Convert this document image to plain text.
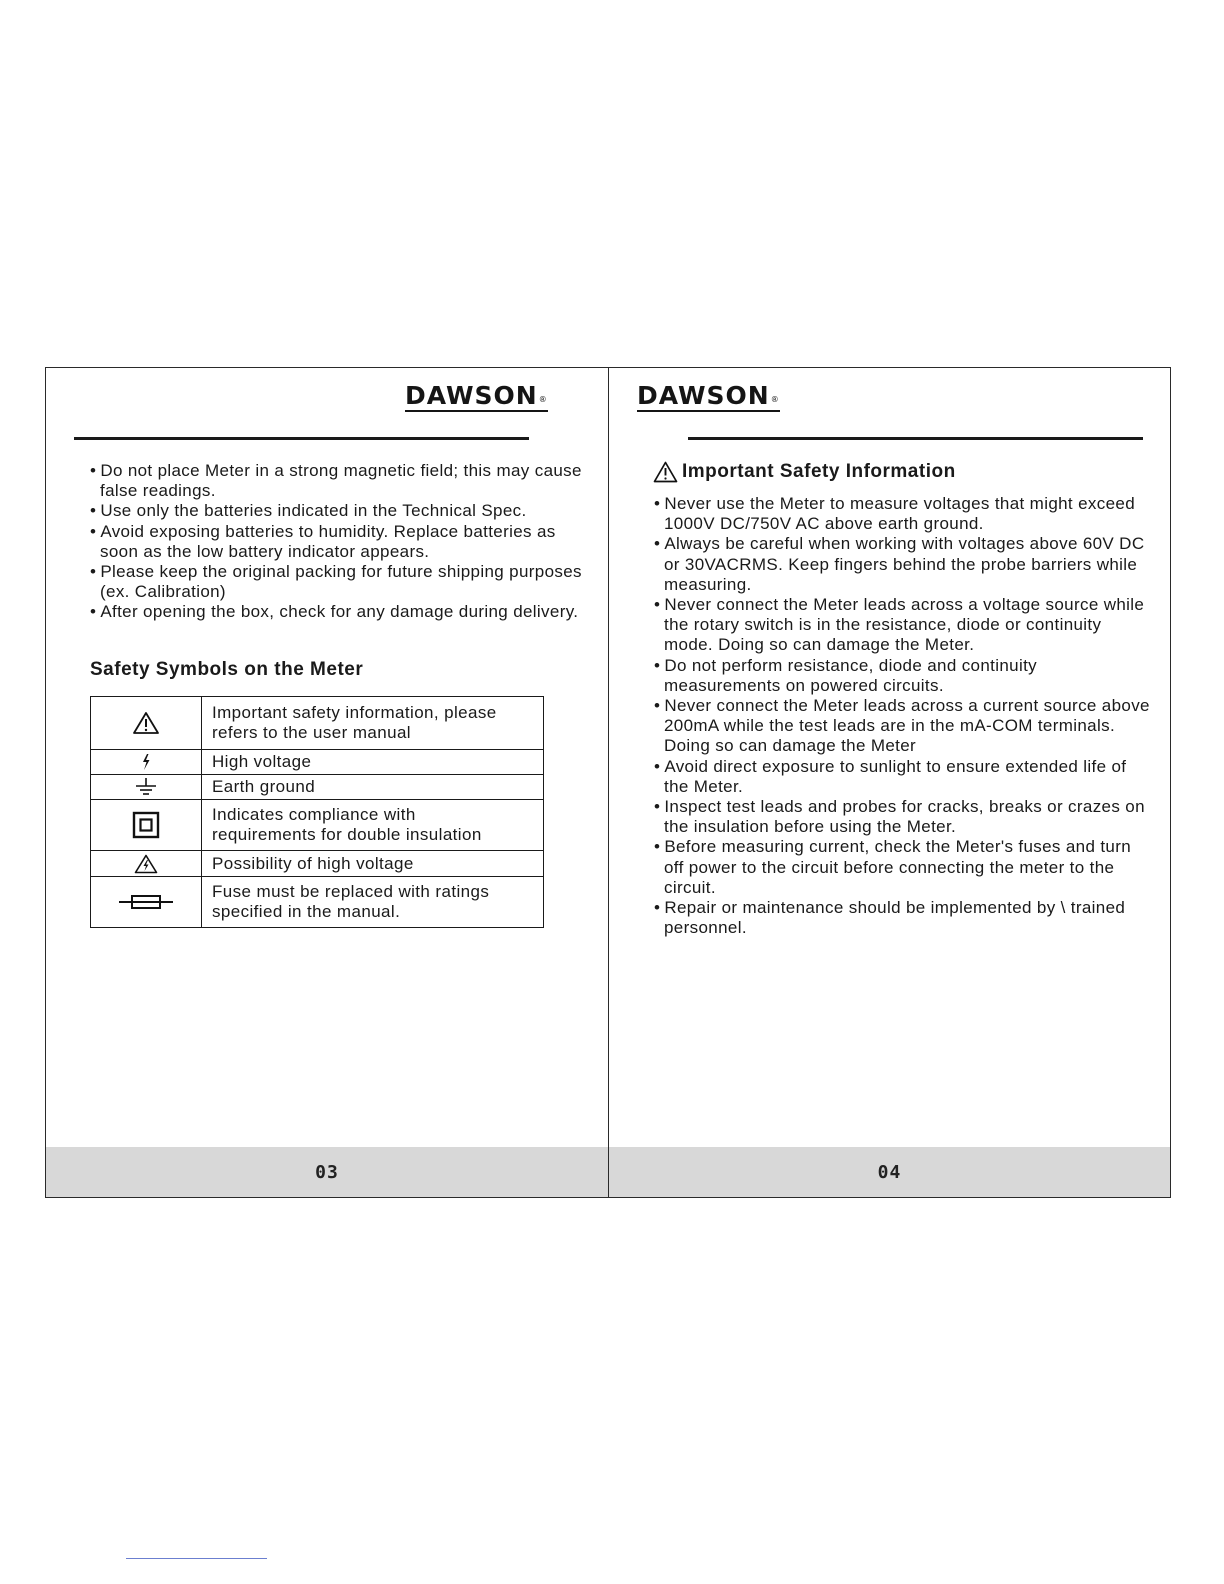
DAWSON®
• Do not place Meter in a strong magnetic field; this may cause false readings.
• Use only the batteries indicated in the Technical Spec.
• Avoid exposing batteries to humidity. Replace batteries as soon as the low battery indicator appears.
• Please keep the original packing for future shipping purposes (ex. Calibration)
• After opening the box, check for any damage during delivery.
Safety Symbols on the Meter

Important safety information, please
refers to the user manual

High voltage

Earth ground

Indicates compliance with
requirements for double insulation

Possibility of high voltage

Fuse must be replaced with ratings
specified in the manual.
03
DAWSON®
Important Safety Information
• Never use the Meter to measure voltages that might exceed 1000V DC/750V AC above earth ground.
• Always be careful when working with voltages above 60V DC or 30VACRMS. Keep fingers behind the probe barriers while measuring.
• Never connect the Meter leads across a voltage source while the rotary switch is in the resistance, diode or continuity mode. Doing so can damage the Meter.
• Do not perform resistance, diode and continuity measurements on powered circuits.
• Never connect the Meter leads across a current source above 200mA while the test leads are in the mA-COM terminals. Doing so can damage the Meter
• Avoid direct exposure to sunlight to ensure extended life of the Meter.
• Inspect test leads and probes for cracks, breaks or crazes on the insulation before using the Meter.
• Before measuring current, check the Meter's fuses and turn off power to the circuit before connecting the meter to the circuit.
• Repair or maintenance should be implemented by \ trained personnel.
04
